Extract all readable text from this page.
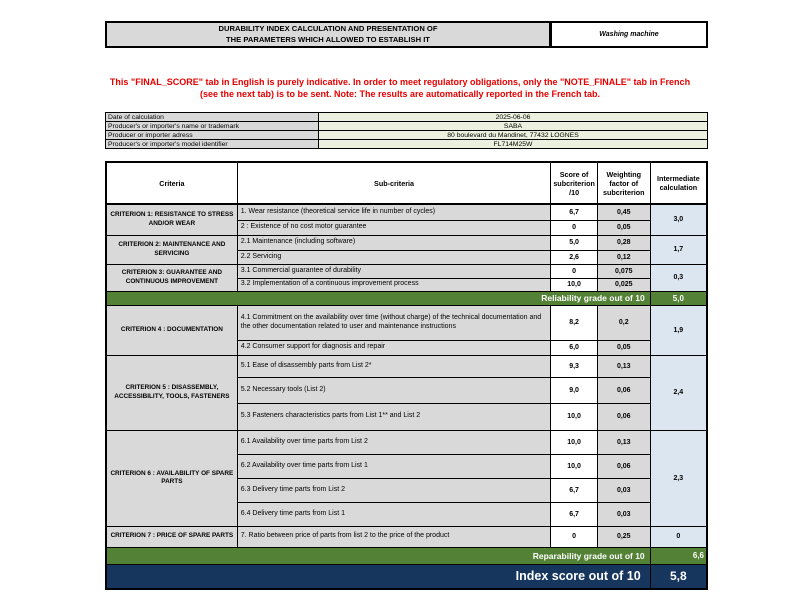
DURABILITY INDEX CALCULATION AND PRESENTATION OF
THE PARAMETERS WHICH ALLOWED TO ESTABLISH IT	Washing machine
This "FINAL_SCORE" tab in English is purely indicative. In order to meet regulatory obligations, only the "NOTE_FINALE" tab in French
(see the next tab) is to be sent. Note: The results are automatically reported in the French tab.
Date of calculation	2025-06-06
Producer's or importer's name or trademark	SABA
Producer or importer adress	80 boulevard du Mandinet, 77432 LOGNES
Producer's or importer's model identifier	FL714M25W
Criteria	Sub-criteria	Score of subcriterion /10	Weighting factor of subcriterion	Intermediate calculation
CRITERION 1: RESISTANCE TO STRESS AND/OR WEAR	1. Wear resistance (theoretical service life in number of cycles)	6,7	0,45	3,0
	2 : Existence of no cost motor guarantee	0	0,05	
CRITERION 2: MAINTENANCE AND SERVICING	2.1 Maintenance (including software)	5,0	0,28	1,7
	2.2 Servicing	2,6	0,12	
CRITERION 3: GUARANTEE AND CONTINUOUS IMPROVEMENT	3.1 Commercial guarantee of durability	0	0,075	0,3
	3.2 Implementation of a continuous improvement process	10,0	0,025	
Reliability grade out of 10				5,0
CRITERION 4 : DOCUMENTATION	4.1 Commitment on the availability over time (without charge) of the technical documentation and the other documentation related to user and maintenance instructions	8,2	0,2	1,9
	4.2 Consumer support for diagnosis and repair	6,0	0,05	
CRITERION 5 : DISASSEMBLY, ACCESSIBILITY, TOOLS, FASTENERS	5.1 Ease of disassembly parts from List 2*	9,3	0,13	2,4
	5.2 Necessary tools (List 2)	9,0	0,06	
	5.3 Fasteners characteristics parts from List 1** and List 2	10,0	0,06	
CRITERION 6 : AVAILABILITY OF SPARE PARTS	6.1 Availability over time parts from List 2	10,0	0,13	2,3
	6.2 Availability over time parts from List 1	10,0	0,06	
	6.3 Delivery time parts from List 2	6,7	0,03	
	6.4 Delivery time parts from List 1	6,7	0,03	
CRITERION 7 : PRICE OF SPARE PARTS	7. Ratio between price of parts from list 2 to the price of the product	0	0,25	0
Reparability grade out of 10				6,6
Index score out of 10				5,8
